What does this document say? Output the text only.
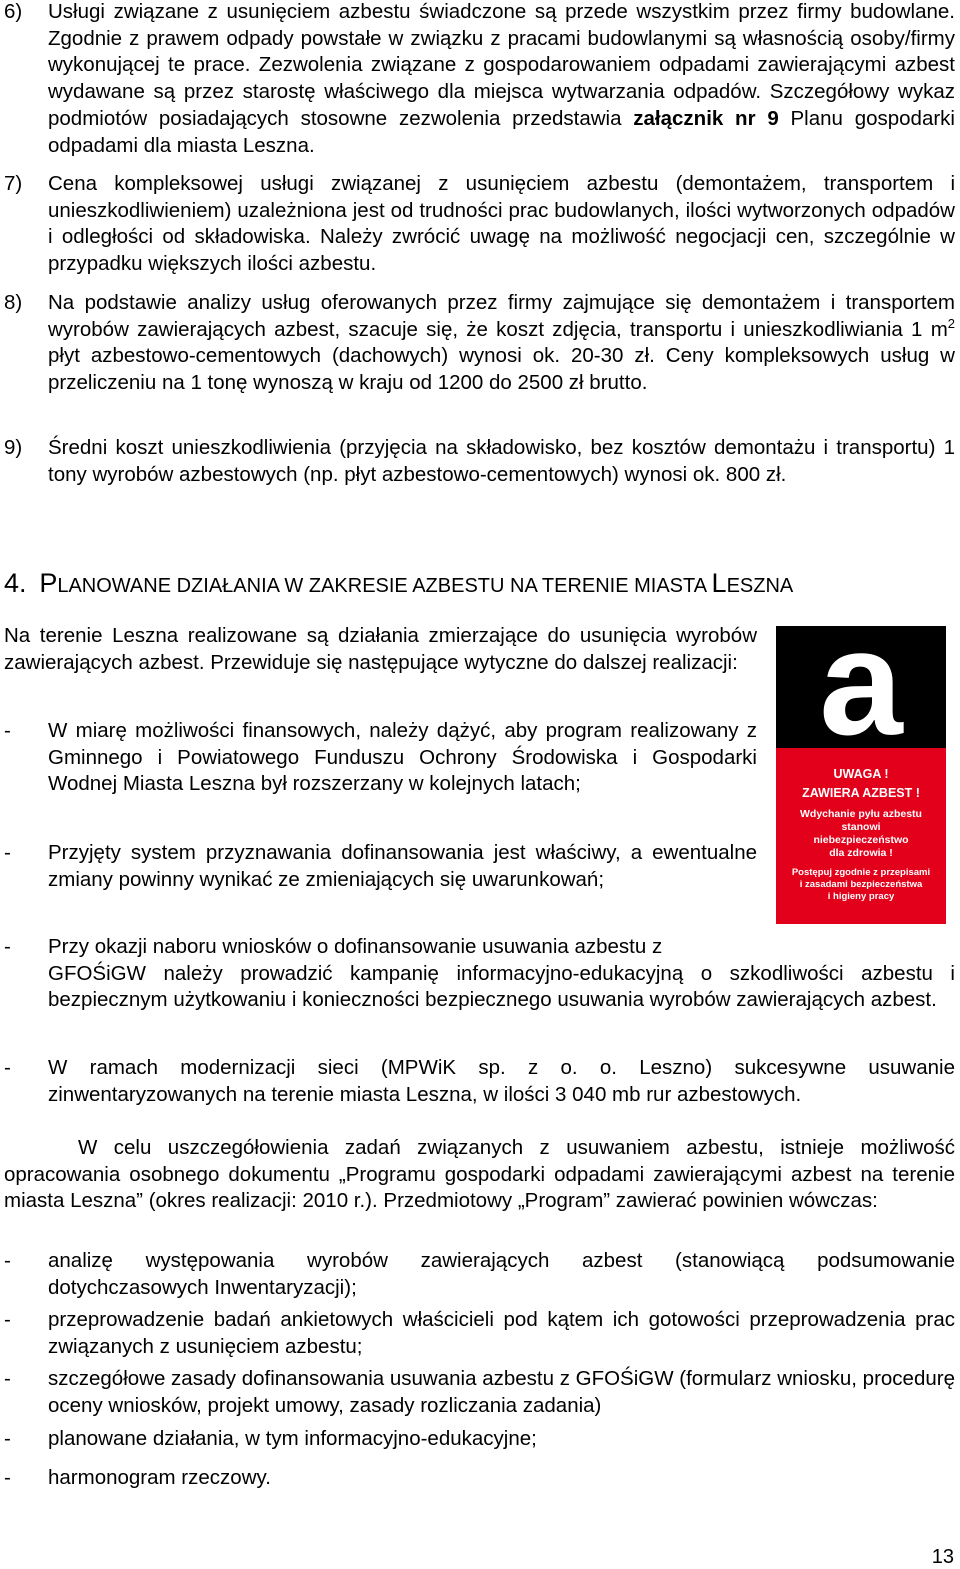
6) Usługi związane z usunięciem azbestu świadczone są przede wszystkim przez firmy budowlane. Zgodnie z prawem odpady powstałe w związku z pracami budowlanymi są własnością osoby/firmy wykonującej te prace. Zezwolenia związane z gospodarowaniem odpadami zawierającymi azbest wydawane są przez starostę właściwego dla miejsca wytwarzania odpadów. Szczegółowy wykaz podmiotów posiadających stosowne zezwolenia przedstawia załącznik nr 9 Planu gospodarki odpadami dla miasta Leszna.
7) Cena kompleksowej usługi związanej z usunięciem azbestu (demontażem, transportem i unieszkodliwieniem) uzależniona jest od trudności prac budowlanych, ilości wytworzonych odpadów i odległości od składowiska. Należy zwrócić uwagę na możliwość negocjacji cen, szczególnie w przypadku większych ilości azbestu.
8) Na podstawie analizy usług oferowanych przez firmy zajmujące się demontażem i transportem wyrobów zawierających azbest, szacuje się, że koszt zdjęcia, transportu i unieszkodliwiania 1 $m^2$ płyt azbestowo-cementowych (dachowych) wynosi ok. 20-30 zł. Ceny kompleksowych usług w przeliczeniu na 1 tonę wynoszą w kraju od 1200 do 2500 zł brutto.
9) Średni koszt unieszkodliwienia (przyjęcia na składowisko, bez kosztów demontażu i transportu) 1 tony wyrobów azbestowych (np. płyt azbestowo-cementowych) wynosi ok. 800 zł.
4. PLANOWANE DZIAŁANIA W ZAKRESIE AZBESTU NA TERENIE MIASTA LESZNA
Na terenie Leszna realizowane są działania zmierzające do usunięcia wyrobów zawierających azbest. Przewiduje się następujące wytyczne do dalszej realizacji:
- W miarę możliwości finansowych, należy dążyć, aby program realizowany z Gminnego i Powiatowego Funduszu Ochrony Środowiska i Gospodarki Wodnej Miasta Leszna był rozszerzany w kolejnych latach;
- Przyjęty system przyznawania dofinansowania jest właściwy, a ewentualne zmiany powinny wynikać ze zmieniających się uwarunkowań;
- Przy okazji naboru wniosków o dofinansowanie usuwania azbestu z
GFOŚiGW należy prowadzić kampanię informacyjno-edukacyjną o szkodliwości azbestu i bezpiecznym użytkowaniu i konieczności bezpiecznego usuwania wyrobów zawierających azbest.
- W ramach modernizacji sieci (MPWiK sp. z o. o. Leszno) sukcesywne usuwanie zinwentaryzowanych na terenie miasta Leszna, w ilości 3 040 mb rur azbestowych.
W celu uszczegółowienia zadań związanych z usuwaniem azbestu, istnieje możliwość opracowania osobnego dokumentu „Programu gospodarki odpadami zawierającymi azbest na terenie miasta Leszna” (okres realizacji: 2010 r.). Przedmiotowy „Program” zawierać powinien wówczas:
- analizę występowania wyrobów zawierających azbest (stanowiącą podsumowanie dotychczasowych Inwentaryzacji);
- przeprowadzenie badań ankietowych właścicieli pod kątem ich gotowości przeprowadzenia prac związanych z usunięciem azbestu;
- szczegółowe zasady dofinansowania usuwania azbestu z GFOŚiGW (formularz wniosku, procedurę oceny wniosków, projekt umowy, zasady rozliczania zadania)
- planowane działania, w tym informacyjno-edukacyjne;
- harmonogram rzeczowy.
a
UWAGA !
ZAWIERA AZBEST !
Wdychanie pyłu azbestu
stanowi
niebezpieczeństwo
dla zdrowia !
Postępuj zgodnie z przepisami
i zasadami bezpieczeństwa
i higieny pracy
13
